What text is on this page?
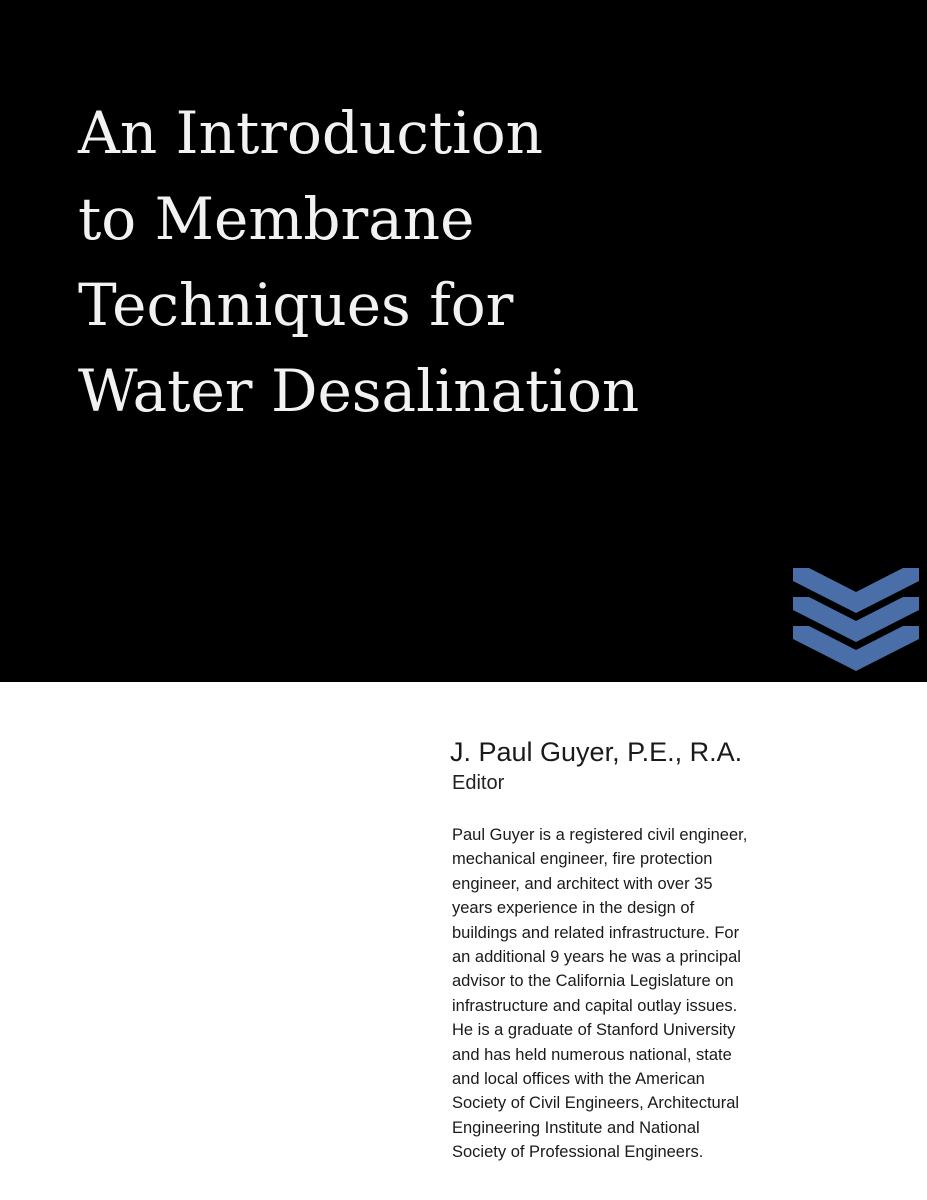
An Introduction
to Membrane
Techniques for
Water Desalination

J. Paul Guyer, P.E., R.A.

Editor

Paul Guyer is a registered civil engineer,
mechanical engineer, fire protection
engineer, and architect with over 35
years experience in the design of
buildings and related infrastructure. For
an additional 9 years he was a principal
advisor to the California Legislature on
infrastructure and capital outlay issues.
He is a graduate of Stanford University
and has held numerous national, state
and local offices with the American
Society of Civil Engineers, Architectural
Engineering Institute and National
Society of Professional Engineers.
